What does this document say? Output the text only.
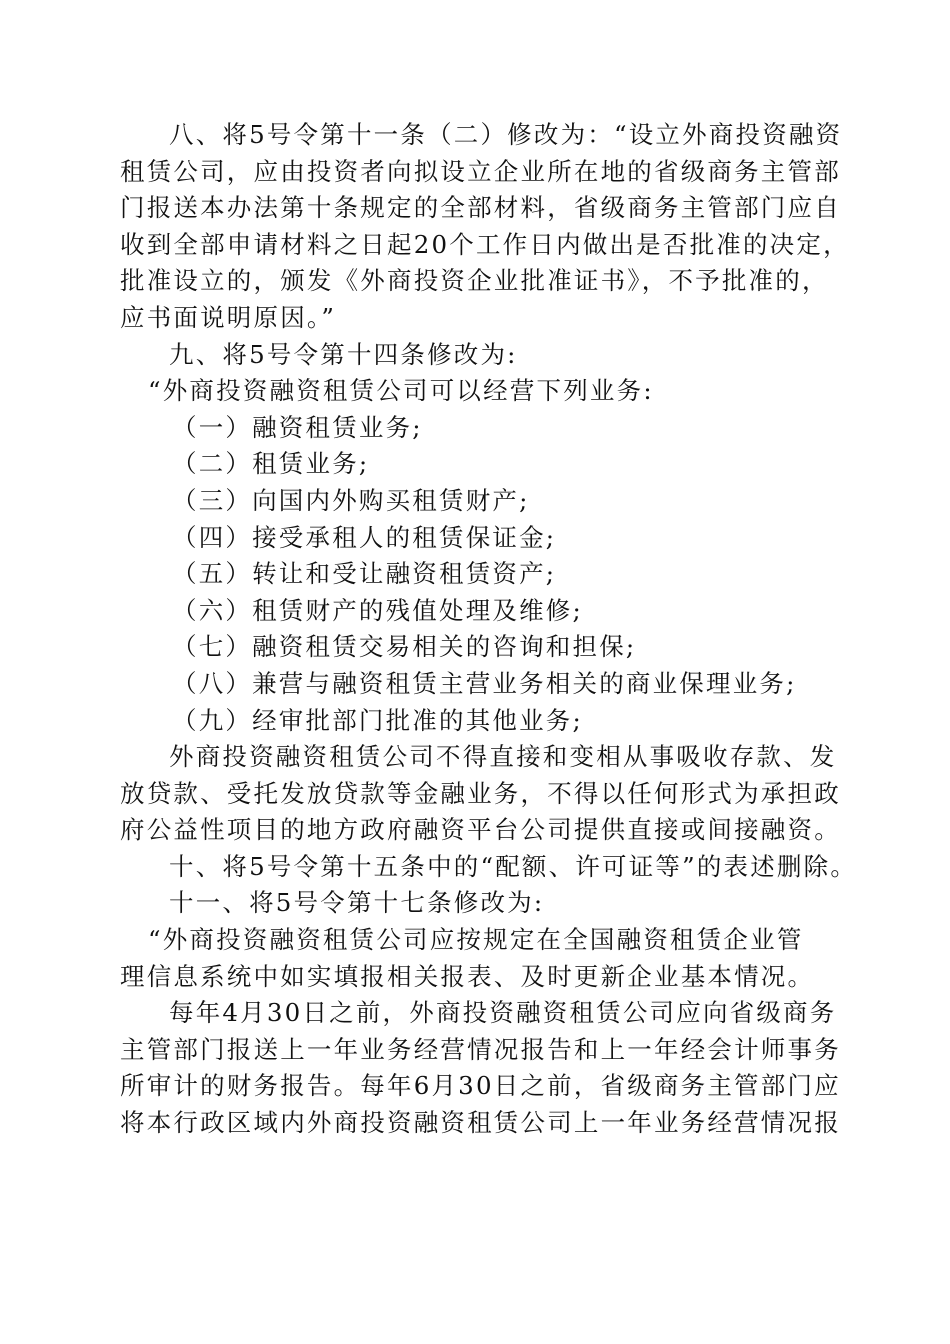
八、将5号令第十一条（二）修改为：“设立外商投资融资
租赁公司，应由投资者向拟设立企业所在地的省级商务主管部
门报送本办法第十条规定的全部材料，省级商务主管部门应自
收到全部申请材料之日起20个工作日内做出是否批准的决定，
批准设立的，颁发《外商投资企业批准证书》，不予批准的，
应书面说明原因。”
九、将5号令第十四条修改为:
“外商投资融资租赁公司可以经营下列业务:
（一）融资租赁业务;
（二）租赁业务;
（三）向国内外购买租赁财产;
（四）接受承租人的租赁保证金;
（五）转让和受让融资租赁资产;
（六）租赁财产的残值处理及维修;
（七）融资租赁交易相关的咨询和担保;
（八）兼营与融资租赁主营业务相关的商业保理业务;
（九）经审批部门批准的其他业务;
外商投资融资租赁公司不得直接和变相从事吸收存款、发
放贷款、受托发放贷款等金融业务，不得以任何形式为承担政
府公益性项目的地方政府融资平台公司提供直接或间接融资。
十、将5号令第十五条中的“配额、许可证等”的表述删除。
十一、将5号令第十七条修改为:
“外商投资融资租赁公司应按规定在全国融资租赁企业管
理信息系统中如实填报相关报表、及时更新企业基本情况。
每年4月30日之前，外商投资融资租赁公司应向省级商务
主管部门报送上一年业务经营情况报告和上一年经会计师事务
所审计的财务报告。每年6月30日之前，省级商务主管部门应
将本行政区域内外商投资融资租赁公司上一年业务经营情况报
